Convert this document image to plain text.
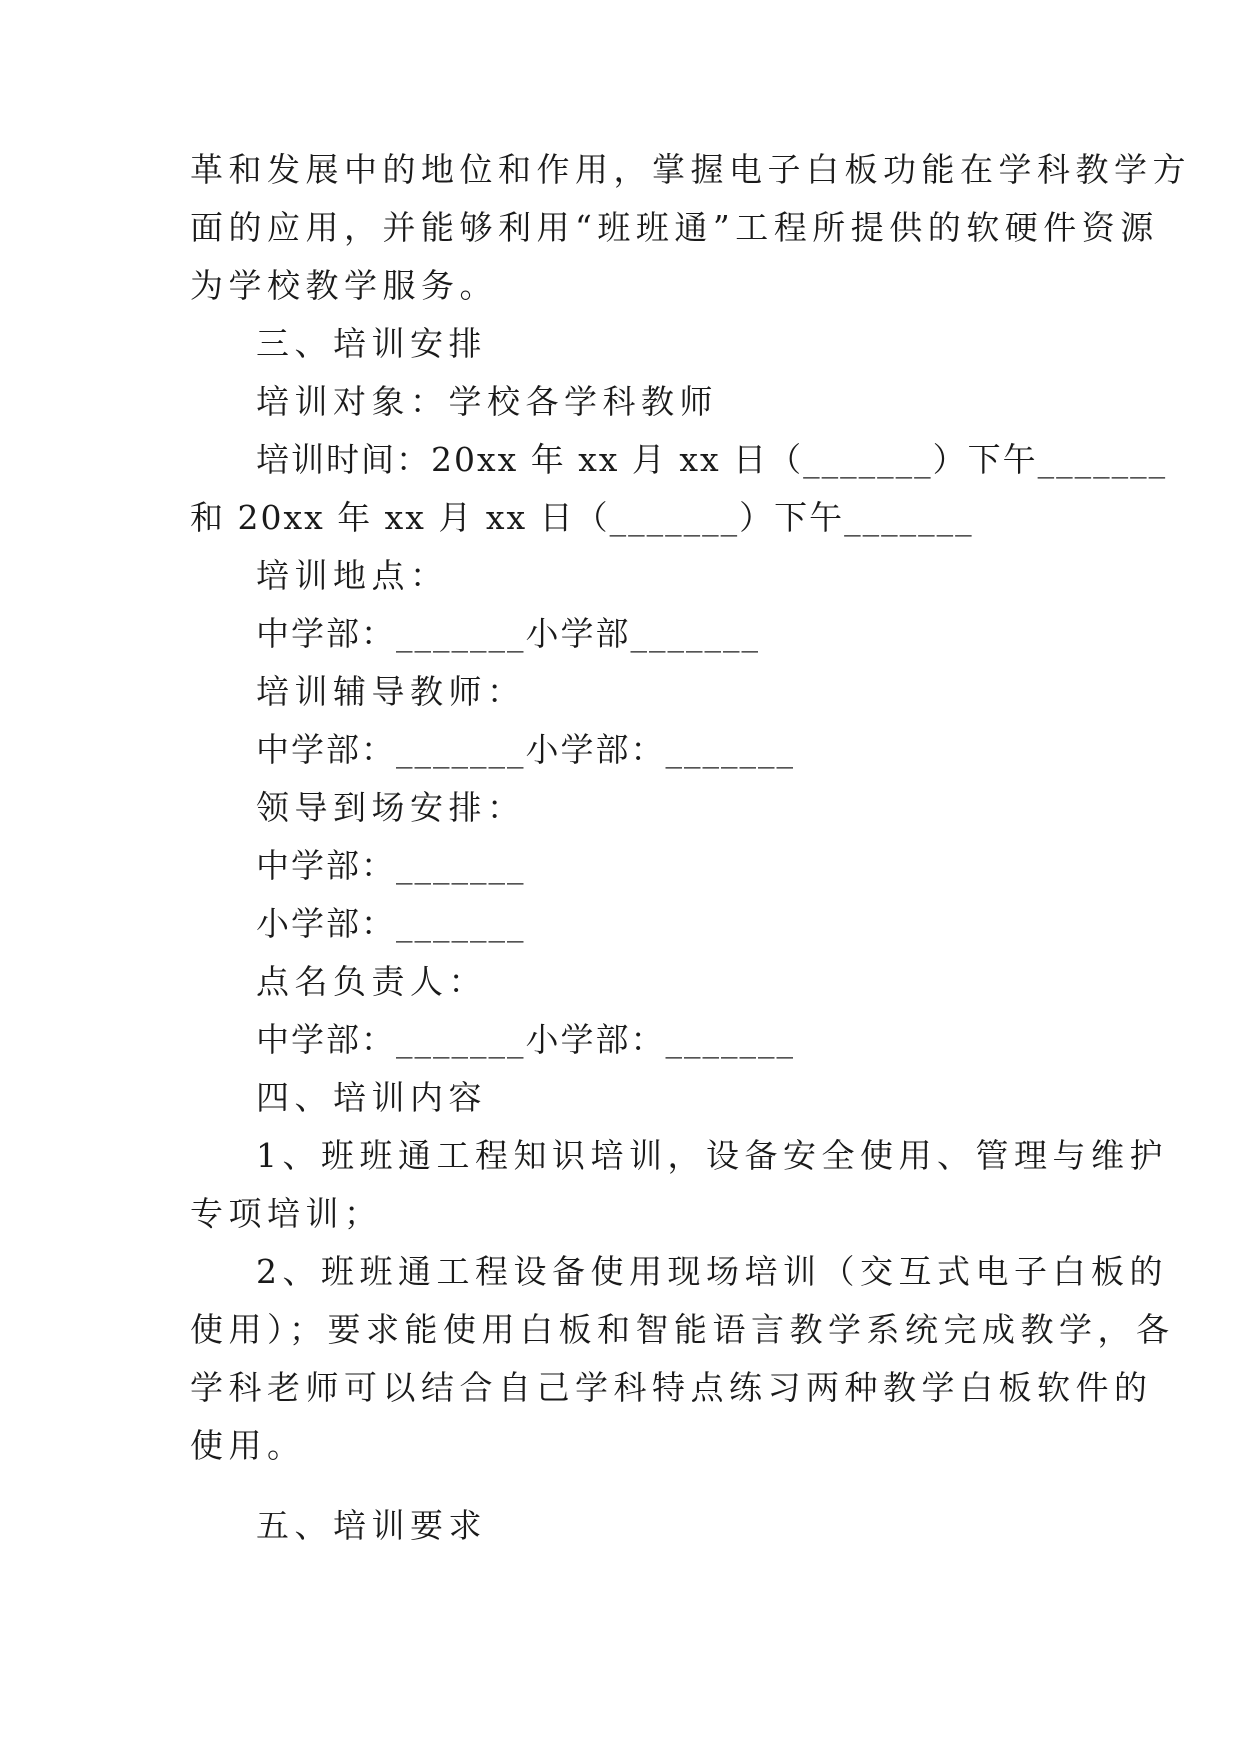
革和发展中的地位和作用，掌握电子白板功能在学科教学方
面的应用，并能够利用“班班通”工程所提供的软硬件资源
为学校教学服务。
三、培训安排
培训对象：学校各学科教师
培训时间：20xx 年 xx 月 xx 日（_______）下午_______
和 20xx 年 xx 月 xx 日（_______）下午_______
培训地点：
中学部：_______小学部_______
培训辅导教师：
中学部：_______小学部：_______
领导到场安排：
中学部：_______
小学部：_______
点名负责人：
中学部：_______小学部：_______
四、培训内容
1、班班通工程知识培训，设备安全使用、管理与维护
专项培训；
2、班班通工程设备使用现场培训（交互式电子白板的
使用）；要求能使用白板和智能语言教学系统完成教学，各
学科老师可以结合自己学科特点练习两种教学白板软件的
使用。
五、培训要求
